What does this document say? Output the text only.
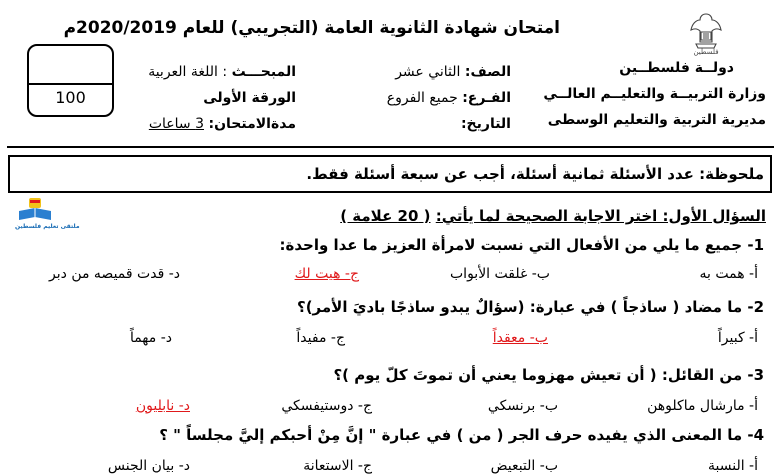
فلسطين
امتحان شهادة الثانوية العامة (التجريبي) للعام 2020/2019م
دولــة فلسطــين
وزارة التربيــة والتعليــم العالــي
مديرية التربية والتعليم الوسطى
الصف: الثاني عشر
الفـرع: جميع الفروع
التاريخ:
المبحـــث : اللغة العربية
الورقة الأولى
مدةالامتحان: 3 ساعات
100
ملحوظة: عدد الأسئلة ثمانية أسئلة، أجب عن سبعة أسئلة فقط.
ملتقى تعليم فلسطين
السؤال الأول: اختر الاجابة الصحيحة لما يأتي: ( 20 علامة )
1- جميع ما يلي من الأفعال التي نسبت لامرأة العزيز ما عدا واحدة:
أ- همت به
ب- غلقت الأبواب
ج- هيت لك
د- قدت قميصه من دبر
2- ما مضاد ( ساذجاً ) في عبارة: (سؤالٌ يبدو ساذجًا باديَ الأمر)؟
أ- كبيراً
ب- معقداً
ج- مفيداً
د- مهماً
3- من القائل: ( أن تعيش مهزوما يعني أن تموتَ كلّ يوم )؟
أ- مارشال ماكلوهن
ب- برنسكي
ج- دوستيفسكي
د- نابليون
4- ما المعنى الذي يفيده حرف الجر ( من ) في عبارة " إنَّ مِنْ أحبكم إليَّ مجلساً " ؟
أ- النسبة
ب- التبعيض
ج- الاستعانة
د- بيان الجنس
